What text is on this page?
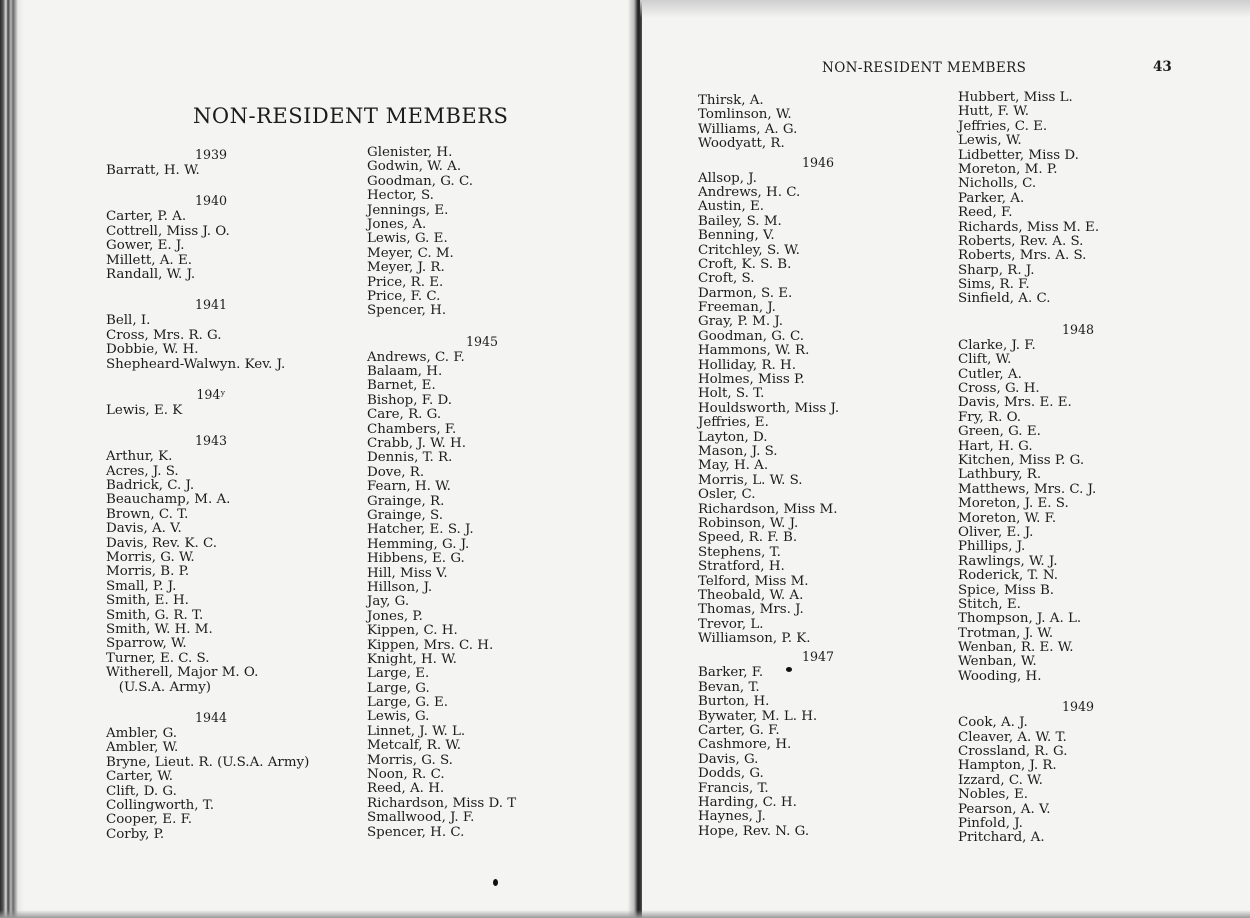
NON-RESIDENT MEMBERS
1939
Barratt, H. W.
1940
Carter, P. A.
Cottrell, Miss J. O.
Gower, E. J.
Millett, A. E.
Randall, W. J.
1941
Bell, I.
Cross, Mrs. R. G.
Dobbie, W. H.
Shepheard-Walwyn. Kev. J.
194ʸ
Lewis, E. K
1943
Arthur, K.
Acres, J. S.
Badrick, C. J.
Beauchamp, M. A.
Brown, C. T.
Davis, A. V.
Davis, Rev. K. C.
Morris, G. W.
Morris, B. P.
Small, P. J.
Smith, E. H.
Smith, G. R. T.
Smith, W. H. M.
Sparrow, W.
Turner, E. C. S.
Witherell, Major M. O.
(U.S.A. Army)
1944
Ambler, G.
Ambler, W.
Bryne, Lieut. R. (U.S.A. Army)
Carter, W.
Clift, D. G.
Collingworth, T.
Cooper, E. F.
Corby, P.
Glenister, H.
Godwin, W. A.
Goodman, G. C.
Hector, S.
Jennings, E.
Jones, A.
Lewis, G. E.
Meyer, C. M.
Meyer, J. R.
Price, R. E.
Price, F. C.
Spencer, H.
1945
Andrews, C. F.
Balaam, H.
Barnet, E.
Bishop, F. D.
Care, R. G.
Chambers, F.
Crabb, J. W. H.
Dennis, T. R.
Dove, R.
Fearn, H. W.
Grainge, R.
Grainge, S.
Hatcher, E. S. J.
Hemming, G. J.
Hibbens, E. G.
Hill, Miss V.
Hillson, J.
Jay, G.
Jones, P.
Kippen, C. H.
Kippen, Mrs. C. H.
Knight, H. W.
Large, E.
Large, G.
Large, G. E.
Lewis, G.
Linnet, J. W. L.
Metcalf, R. W.
Morris, G. S.
Noon, R. C.
Reed, A. H.
Richardson, Miss D. T
Smallwood, J. F.
Spencer, H. C.
NON-RESIDENT MEMBERS	43
Thirsk, A.
Tomlinson, W.
Williams, A. G.
Woodyatt, R.
1946
Allsop, J.
Andrews, H. C.
Austin, E.
Bailey, S. M.
Benning, V.
Critchley, S. W.
Croft, K. S. B.
Croft, S.
Darmon, S. E.
Freeman, J.
Gray, P. M. J.
Goodman, G. C.
Hammons, W. R.
Holliday, R. H.
Holmes, Miss P.
Holt, S. T.
Houldsworth, Miss J.
Jeffries, E.
Layton, D.
Mason, J. S.
May, H. A.
Morris, L. W. S.
Osler, C.
Richardson, Miss M.
Robinson, W. J.
Speed, R. F. B.
Stephens, T.
Stratford, H.
Telford, Miss M.
Theobald, W. A.
Thomas, Mrs. J.
Trevor, L.
Williamson, P. K.
1947
Barker, F.
Bevan, T.
Burton, H.
Bywater, M. L. H.
Carter, G. F.
Cashmore, H.
Davis, G.
Dodds, G.
Francis, T.
Harding, C. H.
Haynes, J.
Hope, Rev. N. G.
Hubbert, Miss L.
Hutt, F. W.
Jeffries, C. E.
Lewis, W.
Lidbetter, Miss D.
Moreton, M. P.
Nicholls, C.
Parker, A.
Reed, F.
Richards, Miss M. E.
Roberts, Rev. A. S.
Roberts, Mrs. A. S.
Sharp, R. J.
Sims, R. F.
Sinfield, A. C.
1948
Clarke, J. F.
Clift, W.
Cutler, A.
Cross, G. H.
Davis, Mrs. E. E.
Fry, R. O.
Green, G. E.
Hart, H. G.
Kitchen, Miss P. G.
Lathbury, R.
Matthews, Mrs. C. J.
Moreton, J. E. S.
Moreton, W. F.
Oliver, E. J.
Phillips, J.
Rawlings, W. J.
Roderick, T. N.
Spice, Miss B.
Stitch, E.
Thompson, J. A. L.
Trotman, J. W.
Wenban, R. E. W.
Wenban, W.
Wooding, H.
1949
Cook, A. J.
Cleaver, A. W. T.
Crossland, R. G.
Hampton, J. R.
Izzard, C. W.
Nobles, E.
Pearson, A. V.
Pinfold, J.
Pritchard, A.
